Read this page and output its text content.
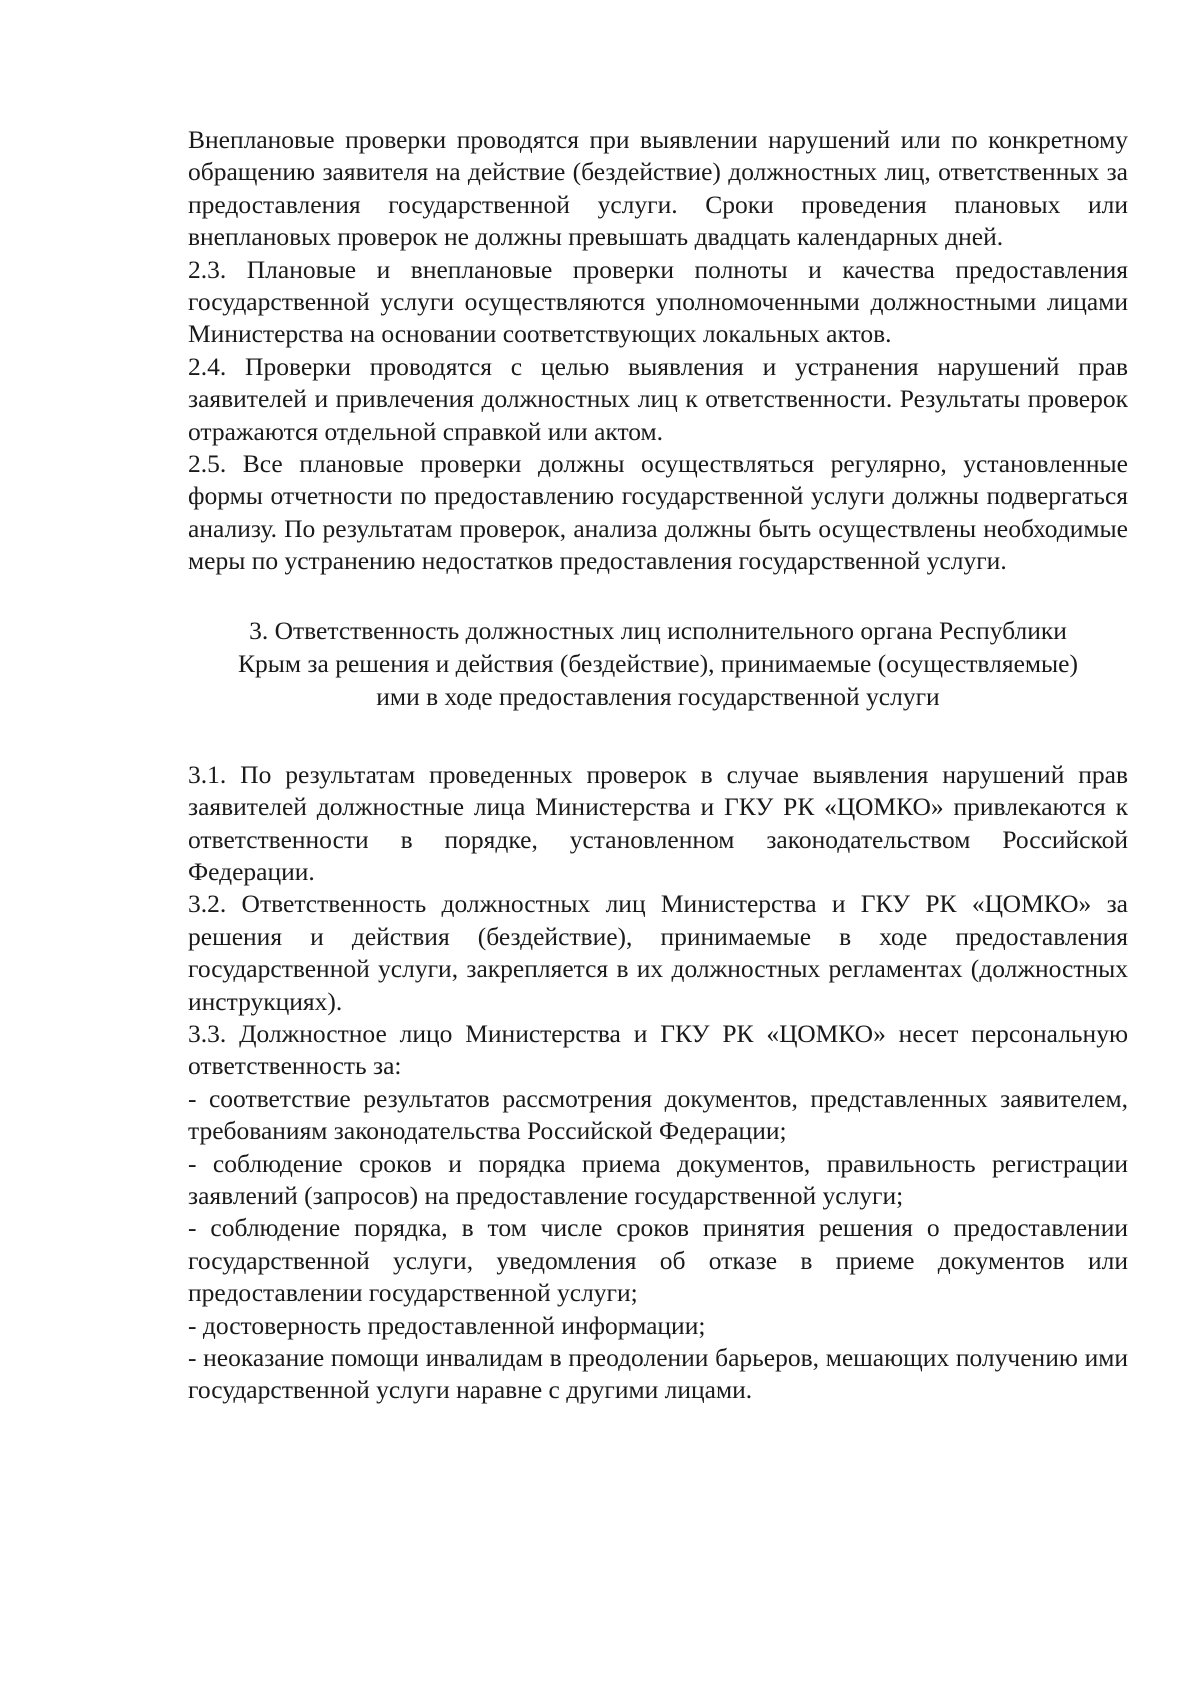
Внеплановые проверки проводятся при выявлении нарушений или по конкретному обращению заявителя на действие (бездействие) должностных лиц, ответственных за предоставления государственной услуги. Сроки проведения плановых или внеплановых проверок не должны превышать двадцать календарных дней.

2.3. Плановые и внеплановые проверки полноты и качества предоставления государственной услуги осуществляются уполномоченными должностными лицами Министерства на основании соответствующих локальных актов.

2.4. Проверки проводятся с целью выявления и устранения нарушений прав заявителей и привлечения должностных лиц к ответственности. Результаты проверок отражаются отдельной справкой или актом.

2.5. Все плановые проверки должны осуществляться регулярно, установленные формы отчетности по предоставлению государственной услуги должны подвергаться анализу. По результатам проверок, анализа должны быть осуществлены необходимые меры по устранению недостатков предоставления государственной услуги.

3. Ответственность должностных лиц исполнительного органа Республики
Крым за решения и действия (бездействие), принимаемые (осуществляемые)
ими в ходе предоставления государственной услуги

3.1. По результатам проведенных проверок в случае выявления нарушений прав заявителей должностные лица Министерства и ГКУ РК «ЦОМКО» привлекаются к ответственности в порядке, установленном законодательством Российской Федерации.

3.2. Ответственность должностных лиц Министерства и ГКУ РК «ЦОМКО» за решения и действия (бездействие), принимаемые в ходе предоставления государственной услуги, закрепляется в их должностных регламентах (должностных инструкциях).

3.3. Должностное лицо Министерства и ГКУ РК «ЦОМКО» несет персональную ответственность за:

- соответствие результатов рассмотрения документов, представленных заявителем, требованиям законодательства Российской Федерации;

- соблюдение сроков и порядка приема документов, правильность регистрации заявлений (запросов) на предоставление государственной услуги;

- соблюдение порядка, в том числе сроков принятия решения о предоставлении государственной услуги, уведомления об отказе в приеме документов или предоставлении государственной услуги;

- достоверность предоставленной информации;

- неоказание помощи инвалидам в преодолении барьеров, мешающих получению ими государственной услуги наравне с другими лицами.
